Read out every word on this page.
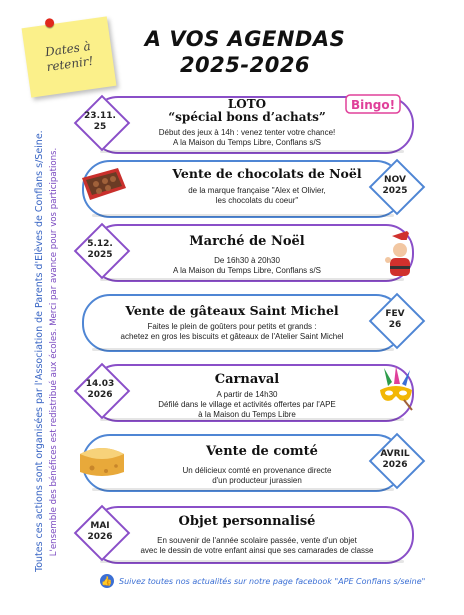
Dates à
retenir!
A VOS AGENDAS
2025-2026
Toutes ces actions sont organisées par l'Association de Parents d'Elèves de Conflans s/Seine. L'ensemble des bénéfices est redistribué aux écoles. Merci par avance pour vos participations.
23.11.
25
LOTO
“spécial bons d’achats”
Début des jeux à 14h : venez tenter votre chance!
A la Maison du Temps Libre, Conflans s/S
Bingo!
NOV
2025
Vente de chocolats de Noël
de la marque française "Alex et Olivier,
les chocolats du coeur"
5.12.
2025
Marché de Noël
De 16h30 à 20h30
A la Maison du Temps Libre, Conflans s/S
FEV
26
Vente de gâteaux Saint Michel
Faites le plein de goûters pour petits et grands :
achetez en gros les biscuits et gâteaux de l'Atelier Saint Michel
14.03
2026
Carnaval
A partir de 14h30
Défilé dans le village et activités offertes par l'APE
à la Maison du Temps Libre
AVRIL
2026
Vente de comté
Un délicieux comté en provenance directe
d'un producteur jurassien
MAI
2026
Objet personnalisé
En souvenir de l'année scolaire passée, vente d'un objet
avec le dessin de votre enfant ainsi que ses camarades de classe
👍 Suivez toutes nos actualités sur notre page facebook "APE Conflans s/seine"
